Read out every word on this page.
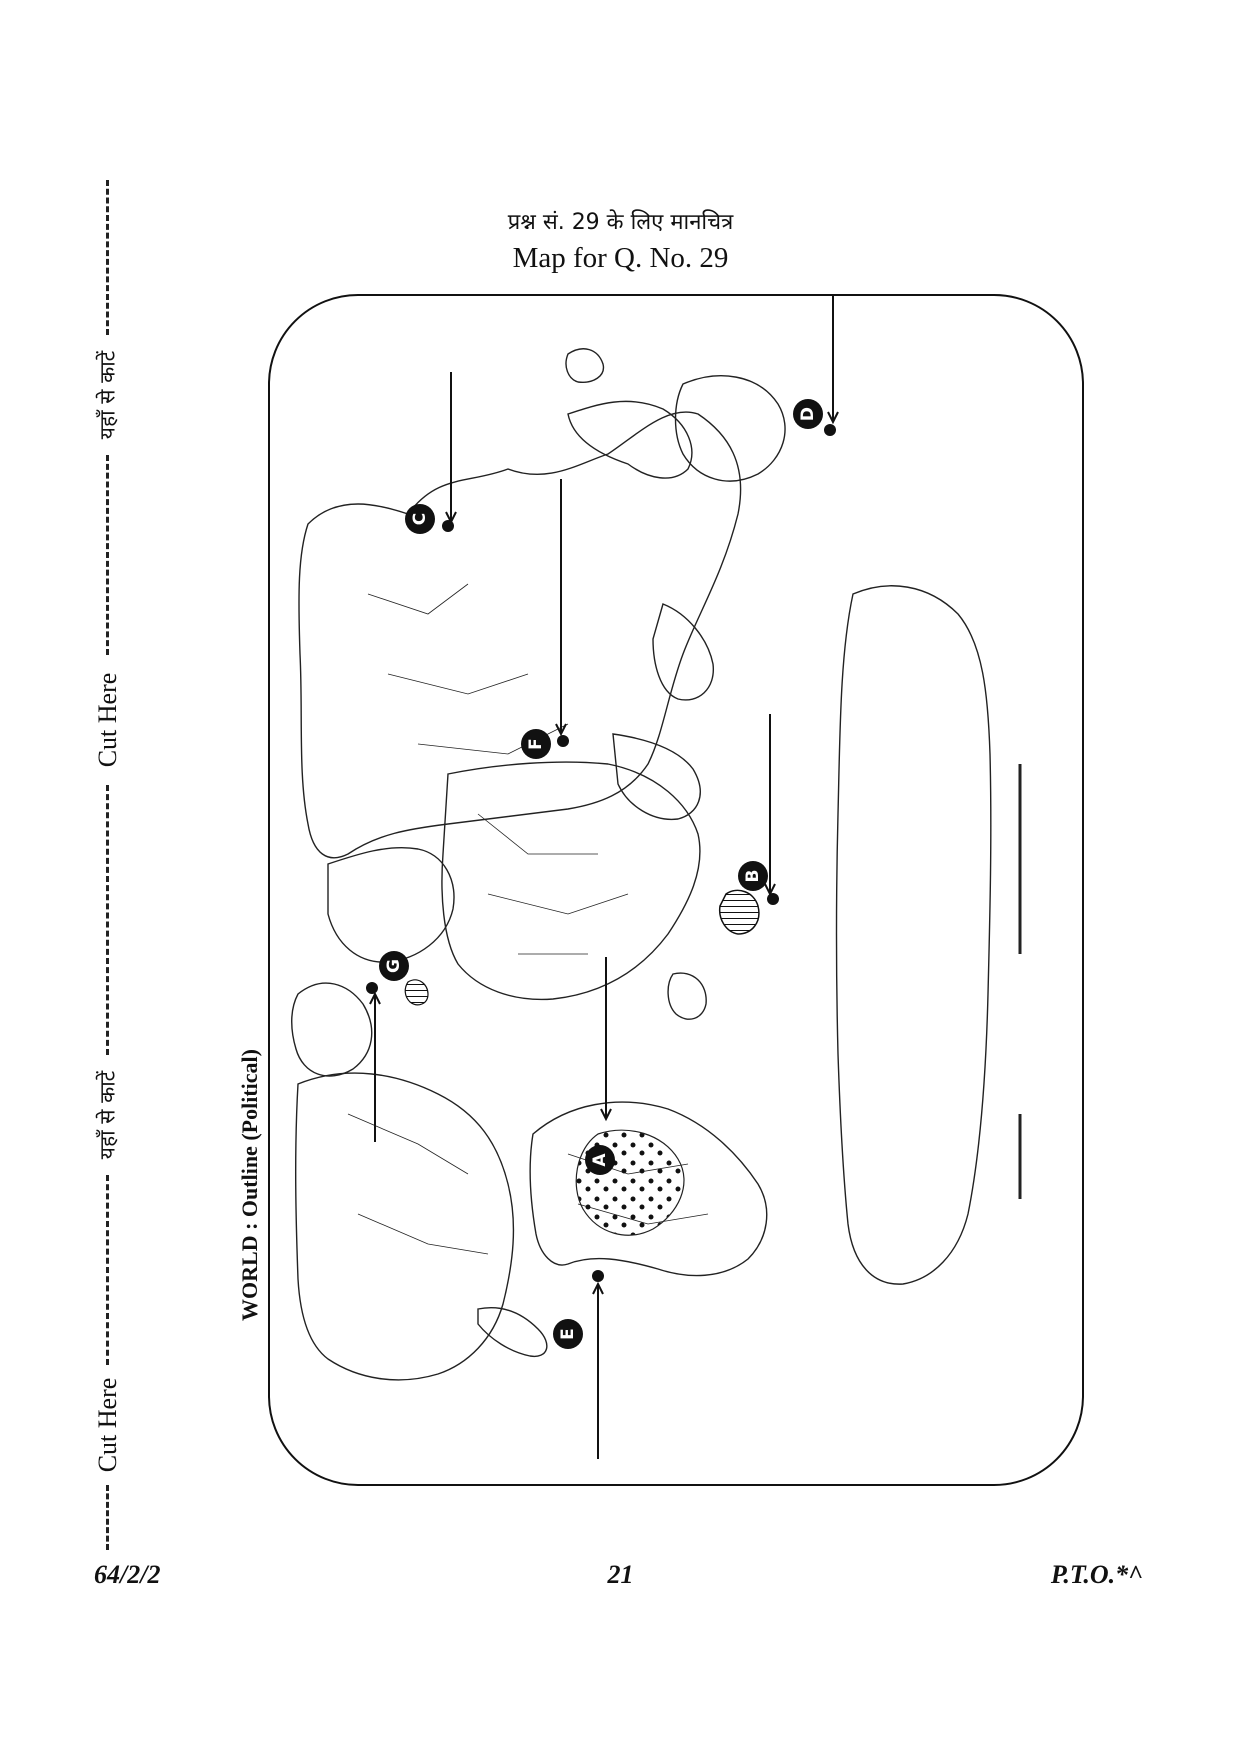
यहाँ से काटें
Cut Here
यहाँ से काटें
Cut Here
प्रश्न सं. 29 के लिए मानचित्र
Map for Q. No. 29
WORLD : Outline (Political)	A
B
C
D
E
F
G
64/2/2	21	P.T.O.*^
